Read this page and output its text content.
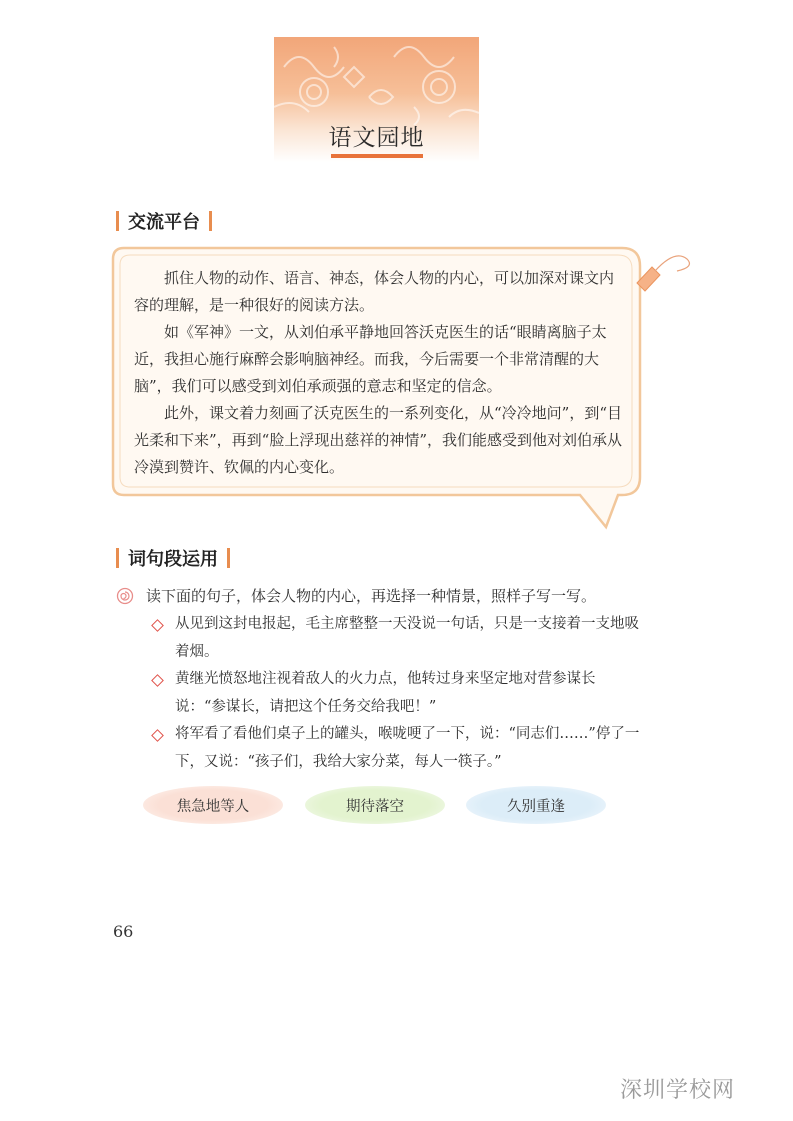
语文园地
交流平台

抓住人物的动作、语言、神态，体会人物的内心，可以加深对课文内容的理解，是一种很好的阅读方法。

如《军神》一文，从刘伯承平静地回答沃克医生的话“眼睛离脑子太近，我担心施行麻醉会影响脑神经。而我，今后需要一个非常清醒的大脑”，我们可以感受到刘伯承顽强的意志和坚定的信念。

此外，课文着力刻画了沃克医生的一系列变化，从“冷冷地问”，到“目光柔和下来”，再到“脸上浮现出慈祥的神情”，我们能感受到他对刘伯承从冷漠到赞许、钦佩的内心变化。

词句段运用
读下面的句子，体会人物的内心，再选择一种情景，照样子写一写。
从见到这封电报起，毛主席整整一天没说一句话，只是一支接着一支地吸着烟。
黄继光愤怒地注视着敌人的火力点，他转过身来坚定地对营参谋长说：“参谋长，请把这个任务交给我吧！”
将军看了看他们桌子上的罐头，喉咙哽了一下，说：“同志们……”停了一下，又说：“孩子们，我给大家分菜，每人一筷子。”
焦急地等人	期待落空	久别重逢
66
深圳学校网
